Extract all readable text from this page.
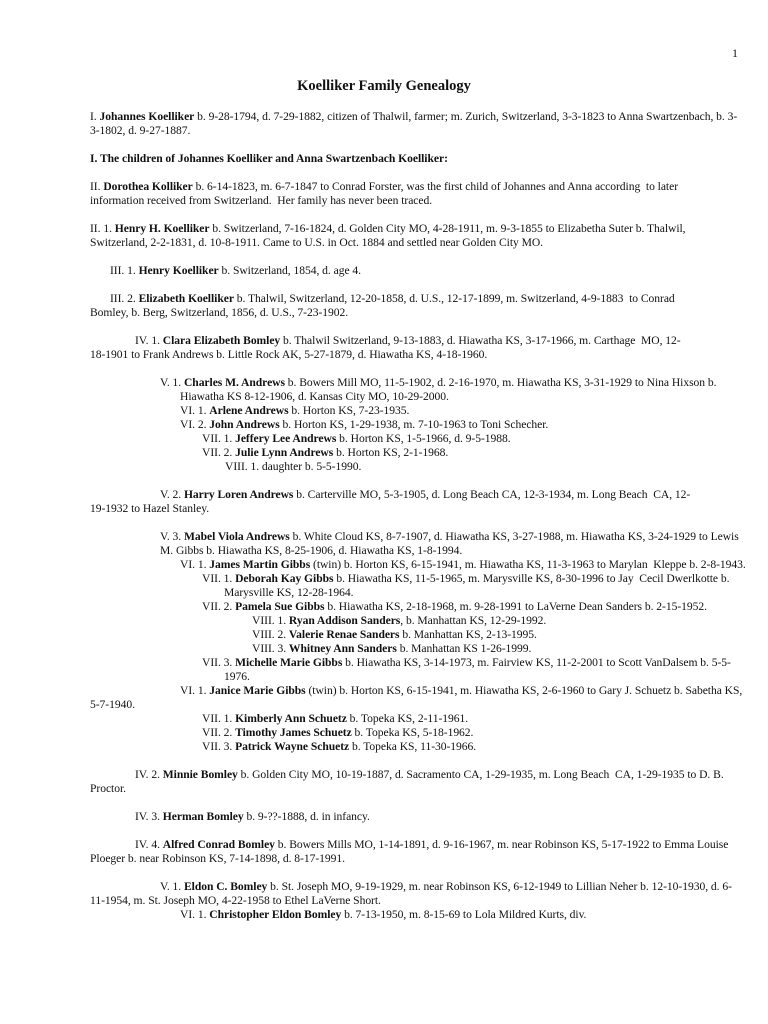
1
Koelliker Family Genealogy
I. Johannes Koelliker b. 9-28-1794, d. 7-29-1882, citizen of Thalwil, farmer; m. Zurich, Switzerland, 3-3-1823 to Anna Swartzenbach, b. 3-3-1802, d. 9-27-1887.
I. The children of Johannes Koelliker and Anna Swartzenbach Koelliker:
II. Dorothea Kolliker b. 6-14-1823, m. 6-7-1847 to Conrad Forster, was the first child of Johannes and Anna according  to later          information received from Switzerland.  Her family has never been traced.
II. 1. Henry H. Koelliker b. Switzerland, 7-16-1824, d. Golden City MO, 4-28-1911, m. 9-3-1855 to Elizabetha Suter b. Thalwil, Switzerland, 2-2-1831, d. 10-8-1911. Came to U.S. in Oct. 1884 and settled near Golden City MO.
III. 1. Henry Koelliker b. Switzerland, 1854, d. age 4.
III. 2. Elizabeth Koelliker b. Thalwil, Switzerland, 12-20-1858, d. U.S., 12-17-1899, m. Switzerland, 4-9-1883  to Conrad                  Bomley, b. Berg, Switzerland, 1856, d. U.S., 7-23-1902.
IV. 1. Clara Elizabeth Bomley b. Thalwil Switzerland, 9-13-1883, d. Hiawatha KS, 3-17-1966, m. Carthage  MO, 12-                          18-1901 to Frank Andrews b. Little Rock AK, 5-27-1879, d. Hiawatha KS, 4-18-1960.
V. 1. Charles M. Andrews b. Bowers Mill MO, 11-5-1902, d. 2-16-1970, m. Hiawatha KS, 3-31-1929 to Nina Hixson b. Hiawatha KS 8-12-1906, d. Kansas City MO, 10-29-2000.
VI. 1. Arlene Andrews b. Horton KS, 7-23-1935.
VI. 2. John Andrews b. Horton KS, 1-29-1938, m. 7-10-1963 to Toni Schecher.
VII. 1. Jeffery Lee Andrews b. Horton KS, 1-5-1966, d. 9-5-1988.
VII. 2. Julie Lynn Andrews b. Horton KS, 2-1-1968.
VIII. 1. daughter b. 5-5-1990.
V. 2. Harry Loren Andrews b. Carterville MO, 5-3-1905, d. Long Beach CA, 12-3-1934, m. Long Beach  CA, 12-                          19-1932 to Hazel Stanley.
V. 3. Mabel Viola Andrews b. White Cloud KS, 8-7-1907, d. Hiawatha KS, 3-27-1988, m. Hiawatha KS, 3-24-1929 to Lewis M. Gibbs b. Hiawatha KS, 8-25-1906, d. Hiawatha KS, 1-8-1994.
VI. 1. James Martin Gibbs (twin) b. Horton KS, 6-15-1941, m. Hiawatha KS, 11-3-1963 to Marylan  Kleppe b. 2-8-1943.
VII. 1. Deborah Kay Gibbs b. Hiawatha KS, 11-5-1965, m. Marysville KS, 8-30-1996 to Jay  Cecil Dwerlkotte b. Marysville KS, 12-28-1964.
VII. 2. Pamela Sue Gibbs b. Hiawatha KS, 2-18-1968, m. 9-28-1991 to LaVerne Dean Sanders b. 2-15-1952.
VIII. 1. Ryan Addison Sanders, b. Manhattan KS, 12-29-1992.
VIII. 2. Valerie Renae Sanders b. Manhattan KS, 2-13-1995.
VIII. 3. Whitney Ann Sanders b. Manhattan KS 1-26-1999.
VII. 3. Michelle Marie Gibbs b. Hiawatha KS, 3-14-1973, m. Fairview KS, 11-2-2001 to Scott VanDalsem b. 5-5-1976.
VI. 1. Janice Marie Gibbs (twin) b. Horton KS, 6-15-1941, m. Hiawatha KS, 2-6-1960 to Gary J. Schuetz b. Sabetha KS, 5-7-1940.
VII. 1. Kimberly Ann Schuetz b. Topeka KS, 2-11-1961.
VII. 2. Timothy James Schuetz b. Topeka KS, 5-18-1962.
VII. 3. Patrick Wayne Schuetz b. Topeka KS, 11-30-1966.
IV. 2. Minnie Bomley b. Golden City MO, 10-19-1887, d. Sacramento CA, 1-29-1935, m. Long Beach  CA, 1-29-1935 to D. B. Proctor.
IV. 3. Herman Bomley b. 9-??-1888, d. in infancy.
IV. 4. Alfred Conrad Bomley b. Bowers Mills MO, 1-14-1891, d. 9-16-1967, m. near Robinson KS, 5-17-1922 to Emma Louise Ploeger b. near Robinson KS, 7-14-1898, d. 8-17-1991.
V. 1. Eldon C. Bomley b. St. Joseph MO, 9-19-1929, m. near Robinson KS, 6-12-1949 to Lillian Neher b. 12-10-1930, d. 6-11-1954, m. St. Joseph MO, 4-22-1958 to Ethel LaVerne Short.
VI. 1. Christopher Eldon Bomley b. 7-13-1950, m. 8-15-69 to Lola Mildred Kurts, div.
